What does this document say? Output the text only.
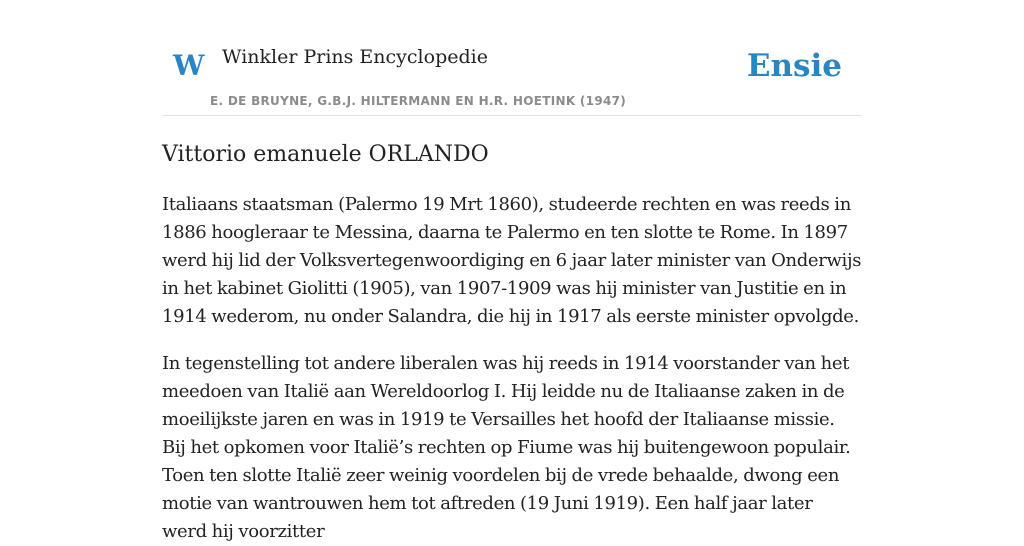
W Winkler Prins Encyclopedie
E. DE BRUYNE, G.B.J. HILTERMANN EN H.R. HOETINK (1947)
Ensie
Vittorio emanuele ORLANDO

Italiaans staatsman (Palermo 19 Mrt 1860), studeerde rechten en was reeds in 1886 hoogleraar te Messina, daarna te Palermo en ten slotte te Rome. In 1897 werd hij lid der Volksvertegenwoordiging en 6 jaar later minister van Onderwijs in het kabinet Giolitti (1905), van 1907-1909 was hij minister van Justitie en in 1914 wederom, nu onder Salandra, die hij in 1917 als eerste minister opvolgde.

In tegenstelling tot andere liberalen was hij reeds in 1914 voorstander van het meedoen van Italië aan Wereldoorlog I. Hij leidde nu de Italiaanse zaken in de moeilijkste jaren en was in 1919 te Versailles het hoofd der Italiaanse missie. Bij het opkomen voor Italië’s rechten op Fiume was hij buitengewoon populair. Toen ten slotte Italië zeer weinig voordelen bij de vrede behaalde, dwong een motie van wantrouwen hem tot aftreden (19 Juni 1919). Een half jaar later werd hij voorzitter
